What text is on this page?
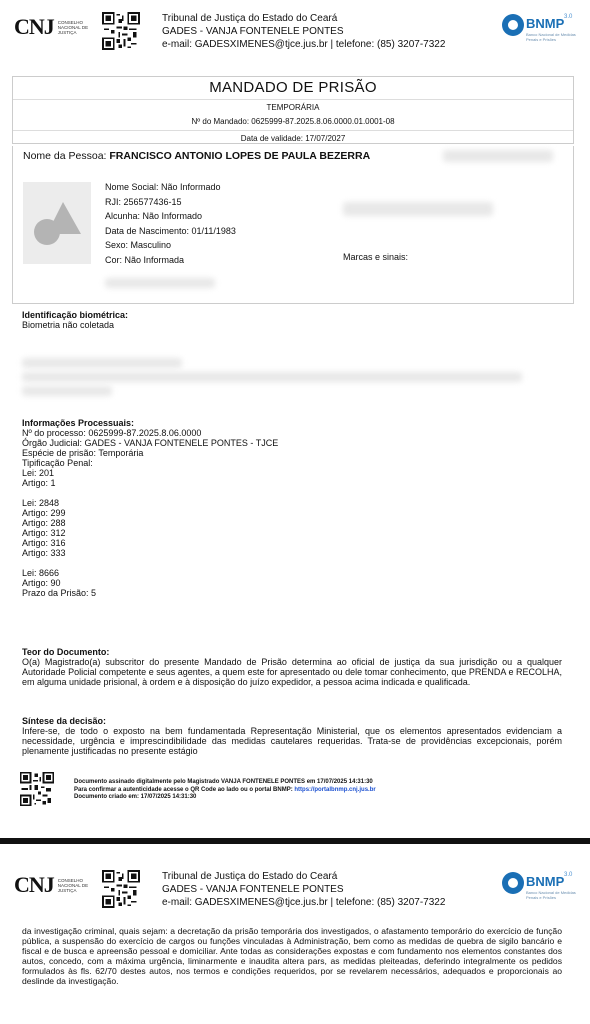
CNJ CONSELHO NACIONAL DE JUSTIÇA
Tribunal de Justiça do Estado do Ceará
GADES - VANJA FONTENELE PONTES
e-mail: GADESXIMENES@tjce.jus.br | telefone: (85) 3207-7322
BNMP 3.0
Banco Nacional de Medidas Penais e Prisões
MANDADO DE PRISÃO
TEMPORÁRIA
Nº do Mandado: 0625999-87.2025.8.06.0000.01.0001-08
Data de validade: 17/07/2027
Nome da Pessoa: FRANCISCO ANTONIO LOPES DE PAULA BEZERRA
Nome Social: Não Informado
RJI: 256577436-15
Alcunha: Não Informado
Data de Nascimento: 01/11/1983
Sexo: Masculino
Cor: Não Informada	Marcas e sinais:
Identificação biométrica:
Biometria não coletada
Informações Processuais:
Nº do processo: 0625999-87.2025.8.06.0000
Órgão Judicial: GADES - VANJA FONTENELE PONTES - TJCE
Espécie de prisão: Temporária
Tipificação Penal:
Lei: 201
Artigo: 1
Lei: 2848
Artigo: 299
Artigo: 288
Artigo: 312
Artigo: 316
Artigo: 333
Lei: 8666
Artigo: 90
Prazo da Prisão: 5
Teor do Documento:
O(a) Magistrado(a) subscritor do presente Mandado de Prisão determina ao oficial de justiça da sua jurisdição ou a qualquer Autoridade Policial competente e seus agentes, a quem este for apresentado ou dele tomar conhecimento, que PRENDA e RECOLHA, em alguma unidade prisional, à ordem e à disposição do juízo expedidor, a pessoa acima indicada e qualificada.
Síntese da decisão:
Infere-se, de todo o exposto na bem fundamentada Representação Ministerial, que os elementos apresentados evidenciam a necessidade, urgência e imprescindibilidade das medidas cautelares requeridas. Trata-se de providências excepcionais, porém plenamente justificadas no presente estágio
Documento assinado digitalmente pelo Magistrado VANJA FONTENELE PONTES em 17/07/2025 14:31:30
Para confirmar a autenticidade acesse o QR Code ao lado ou o portal BNMP: https://portalbnmp.cnj.jus.br
Documento criado em: 17/07/2025 14:31:30
CNJ CONSELHO NACIONAL DE JUSTIÇA
Tribunal de Justiça do Estado do Ceará
GADES - VANJA FONTENELE PONTES
e-mail: GADESXIMENES@tjce.jus.br | telefone: (85) 3207-7322
BNMP 3.0
Banco Nacional de Medidas Penais e Prisões
da investigação criminal, quais sejam: a decretação da prisão temporária dos investigados, o afastamento temporário do exercício de função pública, a suspensão do exercício de cargos ou funções vinculadas à Administração, bem como as medidas de quebra de sigilo bancário e fiscal e de busca e apreensão pessoal e domiciliar. Ante todas as considerações expostas e com fundamento nos elementos constantes dos autos, concedo, com a máxima urgência, liminarmente e inaudita altera pars, as medidas pleiteadas, deferindo integralmente os pedidos formulados às fls. 62/70 destes autos, nos termos e condições requeridos, por se revelarem necessários, adequados e proporcionais ao deslinde da investigação.
